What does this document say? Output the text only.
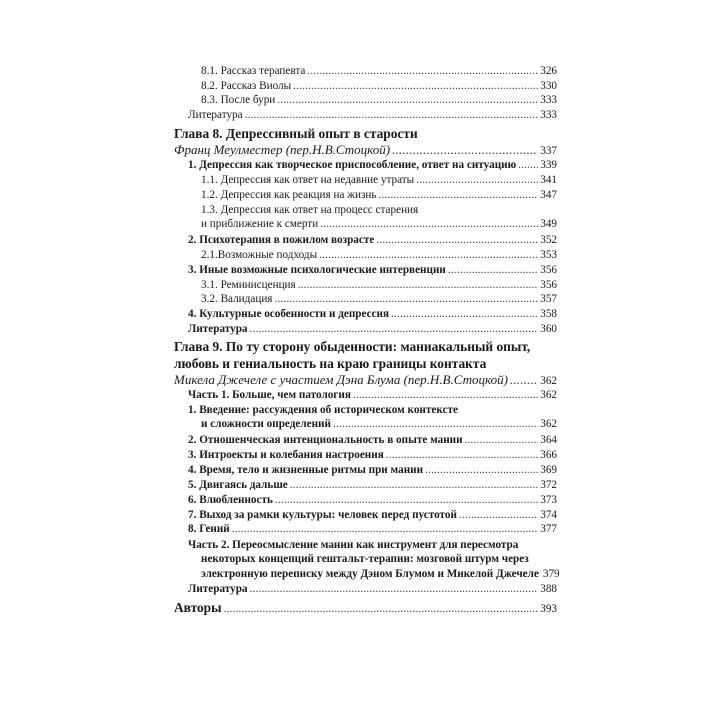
8.1. Рассказ терапевта .....	326
8.2. Рассказ Виолы .....	330
8.3. После бури .....	333
Литература .....	333
Глава 8. Депрессивный опыт в старости
Франц Меулместер (пер.Н.В.Стоцкой) .....	337
1. Депрессия как творческое приспособление, ответ на ситуацию ..... 339
1.1. Депрессия как ответ на недавние утраты .....	341
1.2. Депрессия как реакция на жизнь .....	347
1.3. Депрессия как ответ на процесс старения
и приближение к смерти .....	349
2. Психотерапия в пожилом возрасте .....	352
2.1.Возможные подходы .....	353
3. Иные возможные психологические интервенции .....	356
3.1. Реминисценция .....	356
3.2. Валидация .....	357
4. Культурные особенности и депрессия .....	358
Литература .....	360
Глава 9. По ту сторону обыденности: маниакальный опыт,
любовь и гениальность на краю границы контакта
Микела Джечеле с участием Дэна Блума (пер.Н.В.Стоцкой) .....	362
Часть 1. Больше, чем патология .....	362
1. Введение: рассуждения об историческом контексте
и сложности определений .....	362
2. Отношенческая интенциональность в опыте мании .....	364
3. Интроекты и колебания настроения .....	366
4. Время, тело и жизненные ритмы при мании .....	369
5. Двигаясь дальше .....	372
6. Влюбленность .....	373
7. Выход за рамки культуры: человек перед пустотой .....	374
8. Гений .....	377
Часть 2. Переосмысление мании как инструмент для пересмотра
некоторых концепций гештальт-терапии: мозговой штурм через
электронную переписку между Дэном Блумом и Микелой Джечеле 379
Литература .....	388
Авторы .....	393
